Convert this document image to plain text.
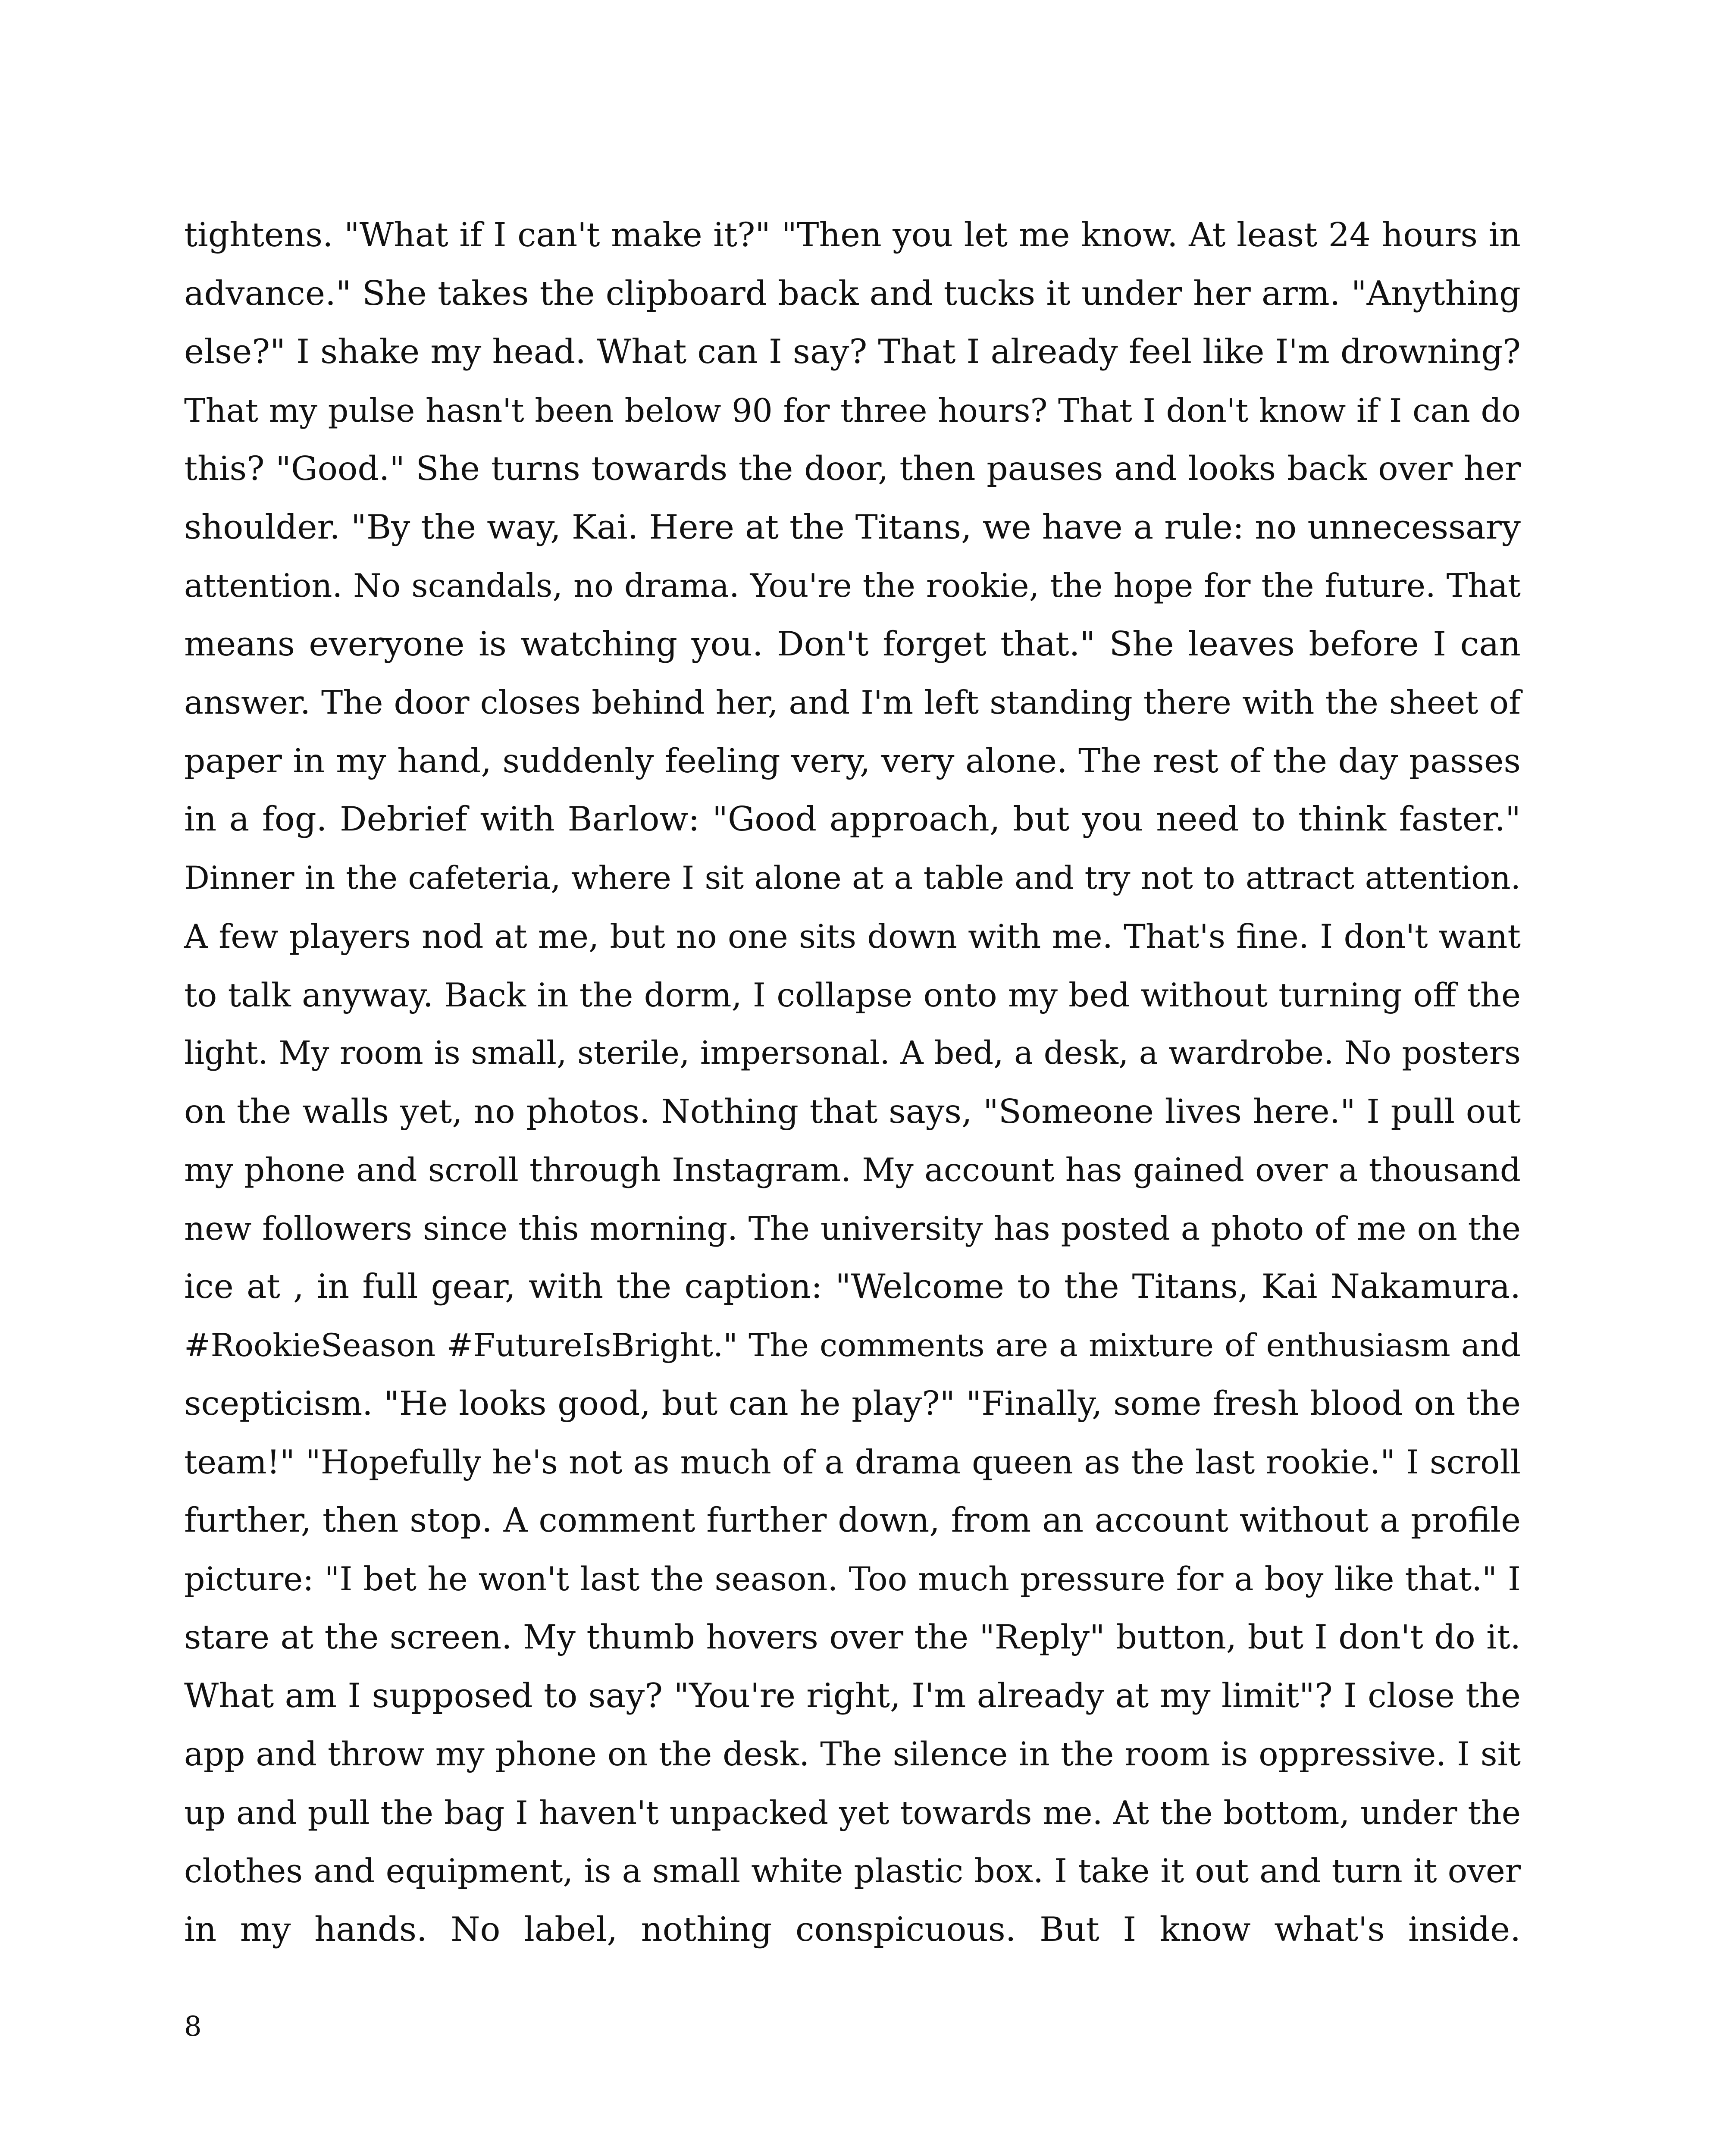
tightens. "What if I can't make it?" "Then you let me know. At least 24 hours in
advance." She takes the clipboard back and tucks it under her arm. "Anything
else?" I shake my head. What can I say? That I already feel like I'm drowning?
That my pulse hasn't been below 90 for three hours? That I don't know if I can do
this? "Good." She turns towards the door, then pauses and looks back over her
shoulder. "By the way, Kai. Here at the Titans, we have a rule: no unnecessary
attention. No scandals, no drama. You're the rookie, the hope for the future. That
means everyone is watching you. Don't forget that." She leaves before I can
answer. The door closes behind her, and I'm left standing there with the sheet of
paper in my hand, suddenly feeling very, very alone. The rest of the day passes
in a fog. Debrief with Barlow: "Good approach, but you need to think faster."
Dinner in the cafeteria, where I sit alone at a table and try not to attract attention.
A few players nod at me, but no one sits down with me. That's fine. I don't want
to talk anyway. Back in the dorm, I collapse onto my bed without turning off the
light. My room is small, sterile, impersonal. A bed, a desk, a wardrobe. No posters
on the walls yet, no photos. Nothing that says, "Someone lives here." I pull out
my phone and scroll through Instagram. My account has gained over a thousand
new followers since this morning. The university has posted a photo of me on the
ice at , in full gear, with the caption: "Welcome to the Titans, Kai Nakamura.
#RookieSeason #FutureIsBright." The comments are a mixture of enthusiasm and
scepticism. "He looks good, but can he play?" "Finally, some fresh blood on the
team!" "Hopefully he's not as much of a drama queen as the last rookie." I scroll
further, then stop. A comment further down, from an account without a profile
picture: "I bet he won't last the season. Too much pressure for a boy like that." I
stare at the screen. My thumb hovers over the "Reply" button, but I don't do it.
What am I supposed to say? "You're right, I'm already at my limit"? I close the
app and throw my phone on the desk. The silence in the room is oppressive. I sit
up and pull the bag I haven't unpacked yet towards me. At the bottom, under the
clothes and equipment, is a small white plastic box. I take it out and turn it over
in my hands. No label, nothing conspicuous. But I know what's inside.
8
